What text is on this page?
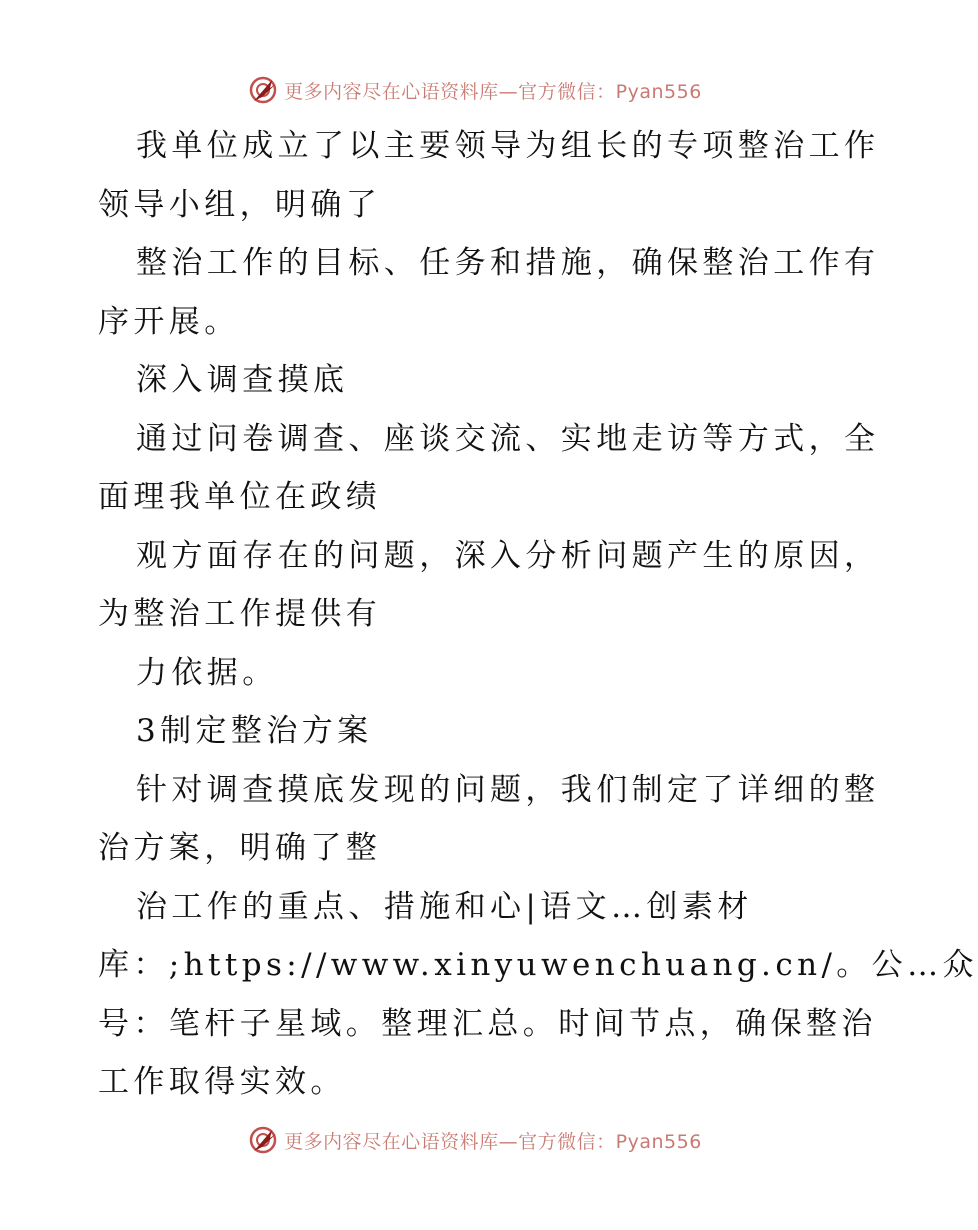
更多内容尽在心语资料库—官方微信：Pyan556
我单位成立了以主要领导为组长的专项整治工作
领导小组，明确了
整治工作的目标、任务和措施，确保整治工作有
序开展。
深入调查摸底
通过问卷调查、座谈交流、实地走访等方式，全
面理我单位在政绩
观方面存在的问题，深入分析问题产生的原因，
为整治工作提供有
力依据。
3制定整治方案
针对调查摸底发现的问题，我们制定了详细的整
治方案，明确了整
治工作的重点、措施和心|语文…创素材
库：;https://www.xinyuwenchuang.cn/。公…众
号：笔杆子星域。整理汇总。时间节点，确保整治
工作取得实效。
更多内容尽在心语资料库—官方微信：Pyan556
